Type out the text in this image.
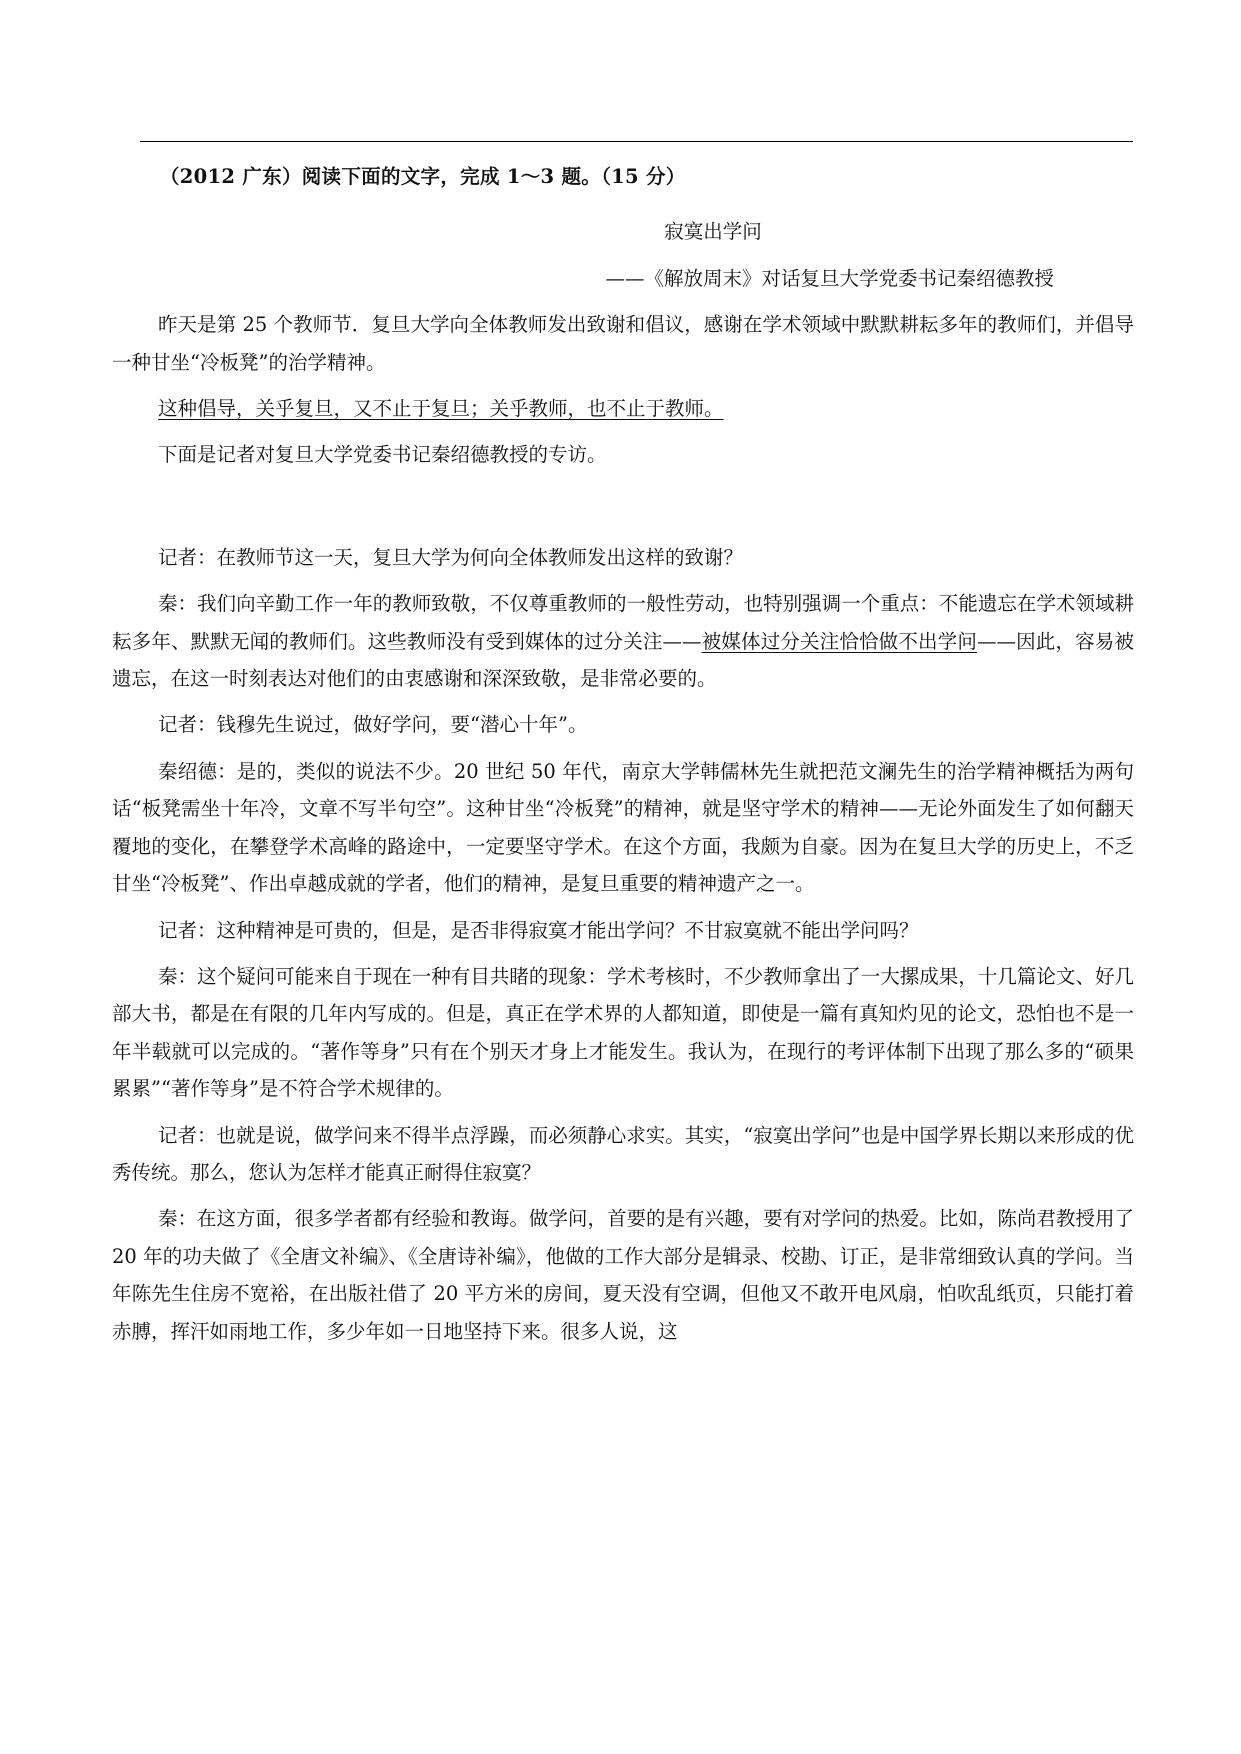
（2012 广东）阅读下面的文字，完成 1～3 题。（15 分）

寂寞出学问

——《解放周末》对话复旦大学党委书记秦绍德教授

昨天是第 25 个教师节．复旦大学向全体教师发出致谢和倡议，感谢在学术领域中默默耕耘多年的教师们，并倡导一种甘坐“冷板凳”的治学精神。

这种倡导，关乎复旦，又不止于复旦；关乎教师，也不止于教师。

下面是记者对复旦大学党委书记秦绍德教授的专访。

记者：在教师节这一天，复旦大学为何向全体教师发出这样的致谢？

秦：我们向辛勤工作一年的教师致敬，不仅尊重教师的一般性劳动，也特别强调一个重点：不能遗忘在学术领域耕耘多年、默默无闻的教师们。这些教师没有受到媒体的过分关注——被媒体过分关注恰恰做不出学问——因此，容易被遗忘，在这一时刻表达对他们的由衷感谢和深深致敬，是非常必要的。

记者：钱穆先生说过，做好学问，要“潜心十年”。

秦绍德：是的，类似的说法不少。20 世纪 50 年代，南京大学韩儒林先生就把范文澜先生的治学精神概括为两句话“板凳需坐十年冷，文章不写半句空”。这种甘坐“冷板凳”的精神，就是坚守学术的精神——无论外面发生了如何翻天覆地的变化，在攀登学术高峰的路途中，一定要坚守学术。在这个方面，我颇为自豪。因为在复旦大学的历史上，不乏甘坐“冷板凳”、作出卓越成就的学者，他们的精神，是复旦重要的精神遗产之一。

记者：这种精神是可贵的，但是，是否非得寂寞才能出学问？不甘寂寞就不能出学问吗？

秦：这个疑问可能来自于现在一种有目共睹的现象：学术考核时，不少教师拿出了一大摞成果，十几篇论文、好几部大书，都是在有限的几年内写成的。但是，真正在学术界的人都知道，即使是一篇有真知灼见的论文，恐怕也不是一年半载就可以完成的。“著作等身”只有在个别天才身上才能发生。我认为，在现行的考评体制下出现了那么多的“硕果累累”“著作等身”是不符合学术规律的。

记者：也就是说，做学问来不得半点浮躁，而必须静心求实。其实，“寂寞出学问”也是中国学界长期以来形成的优秀传统。那么，您认为怎样才能真正耐得住寂寞？

秦：在这方面，很多学者都有经验和教诲。做学问，首要的是有兴趣，要有对学问的热爱。比如，陈尚君教授用了 20 年的功夫做了《全唐文补编》、《全唐诗补编》，他做的工作大部分是辑录、校勘、订正，是非常细致认真的学问。当年陈先生住房不宽裕，在出版社借了 20 平方米的房间，夏天没有空调，但他又不敢开电风扇，怕吹乱纸页，只能打着赤膊，挥汗如雨地工作，多少年如一日地坚持下来。很多人说，这
